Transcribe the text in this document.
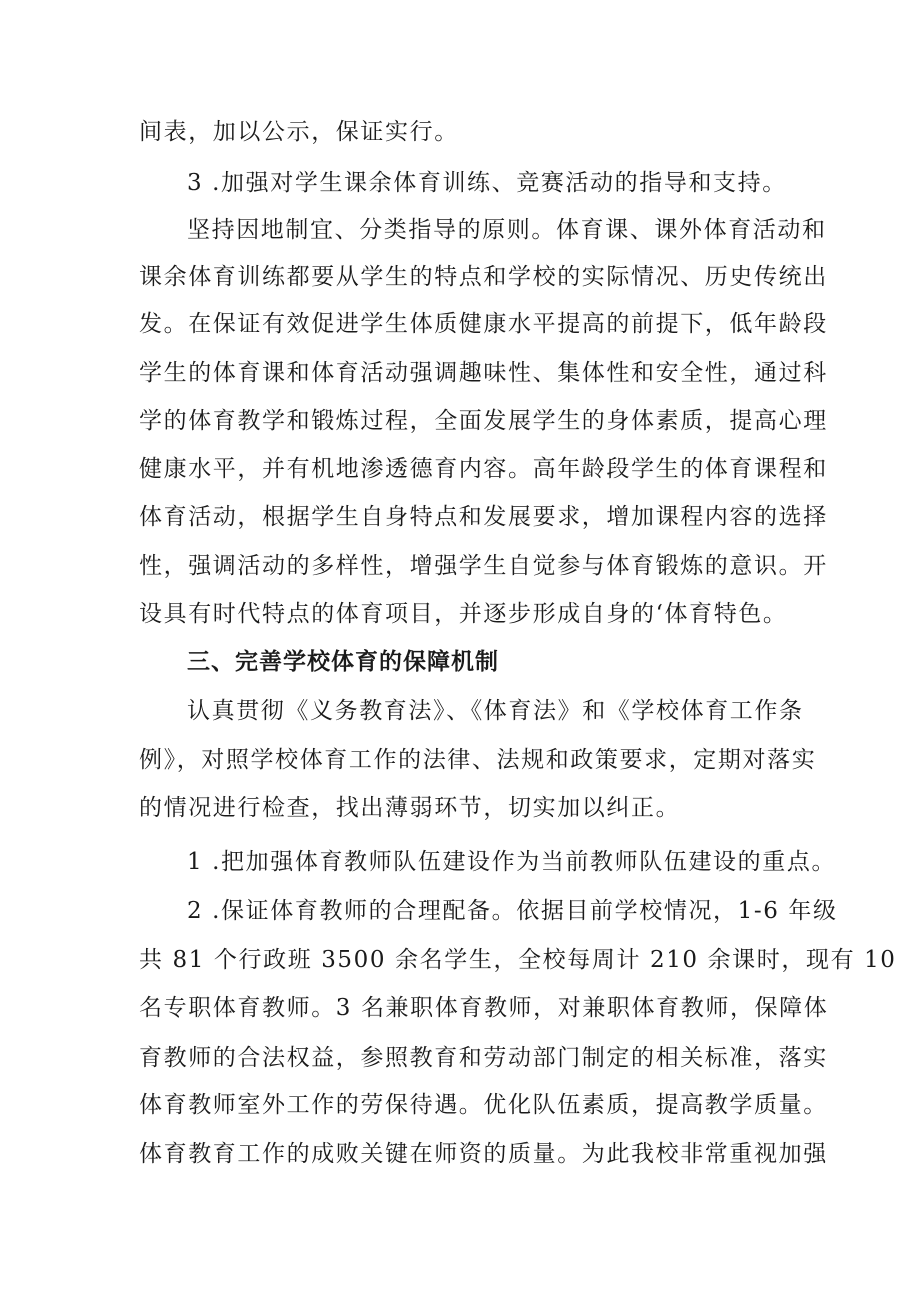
间表，加以公示，保证实行。
3 .加强对学生课余体育训练、竞赛活动的指导和支持。
坚持因地制宜、分类指导的原则。体育课、课外体育活动和
课余体育训练都要从学生的特点和学校的实际情况、历史传统出
发。在保证有效促进学生体质健康水平提高的前提下，低年龄段
学生的体育课和体育活动强调趣味性、集体性和安全性，通过科
学的体育教学和锻炼过程，全面发展学生的身体素质，提高心理
健康水平，并有机地渗透德育内容。高年龄段学生的体育课程和
体育活动，根据学生自身特点和发展要求，增加课程内容的选择
性，强调活动的多样性，增强学生自觉参与体育锻炼的意识。开
设具有时代特点的体育项目，并逐步形成自身的‘体育特色。
三、完善学校体育的保障机制
认真贯彻《义务教育法》、《体育法》和《学校体育工作条
例》，对照学校体育工作的法律、法规和政策要求，定期对落实
的情况进行检查，找出薄弱环节，切实加以纠正。
1 .把加强体育教师队伍建设作为当前教师队伍建设的重点。
2 .保证体育教师的合理配备。依据目前学校情况，1-6 年级
共 81 个行政班 3500 余名学生，全校每周计 210 余课时，现有 10
名专职体育教师。3 名兼职体育教师，对兼职体育教师，保障体
育教师的合法权益，参照教育和劳动部门制定的相关标准，落实
体育教师室外工作的劳保待遇。优化队伍素质，提高教学质量。
体育教育工作的成败关键在师资的质量。为此我校非常重视加强
